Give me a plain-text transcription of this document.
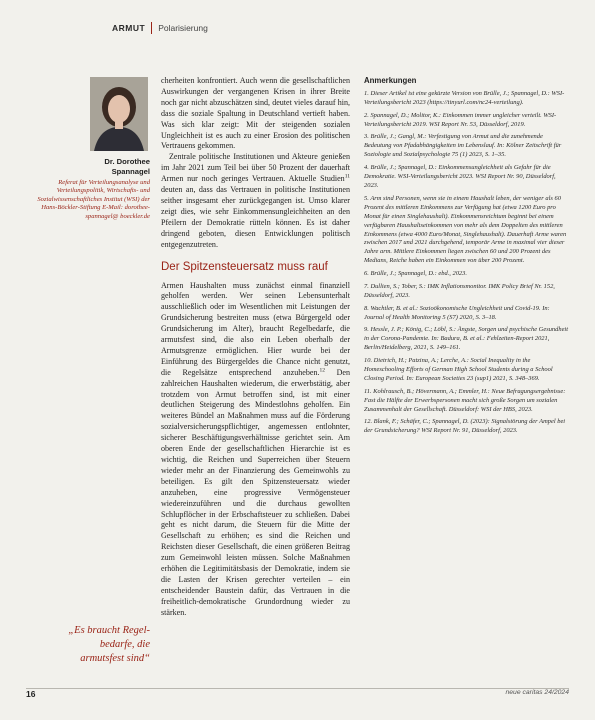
ARMUT Polarisierung
Dr. Dorothee
Spannagel
Referat für Verteilungsanalyse und Verteilungspolitik, Wirtschafts- und Sozialwissenschaftliches Institut (WSI) der Hans-Böckler-Stiftung E-Mail: dorothee-spannagel@ boeckler.de
„Es braucht Regelbedarfe, die armutsfest sind“

cherheiten konfrontiert. Auch wenn die gesellschaftlichen Auswirkungen der vergangenen Krisen in ihrer Breite noch gar nicht abzuschätzen sind, deutet vieles darauf hin, dass die soziale Spaltung in Deutschland vertieft haben. Was sich klar zeigt: Mit der steigenden sozialen Ungleichheit ist es auch zu einer Erosion des politischen Vertrauens gekommen.

Zentrale politische Institutionen und Akteure genießen im Jahr 2021 zum Teil bei über 50 Prozent der dauerhaft Armen nur noch geringes Vertrauen. Aktuelle Studien$^{11}$ deuten an, dass das Vertrauen in politische Institutionen seither insgesamt eher zurückgegangen ist. Umso klarer zeigt dies, wie sehr Einkommensungleichheiten an den Pfeilern der Demokratie rütteln können. Es ist daher dringend geboten, diesen Entwicklungen politisch entgegenzutreten.

Der Spitzensteuersatz muss rauf

Armen Haushalten muss zunächst einmal finanziell geholfen werden. Wer seinen Lebensunterhalt ausschließlich oder im Wesentlichen mit Leistungen der Grundsicherung bestreiten muss (etwa Bürgergeld oder Grundsicherung im Alter), braucht Regelbedarfe, die armutsfest sind, die also ein Leben oberhalb der Armutsgrenze ermöglichen. Hier wurde bei der Einführung des Bürgergeldes die Chance nicht genutzt, die Regelsätze entsprechend anzuheben.$^{12}$ Den zahlreichen Haushalten wiederum, die erwerbstätig, aber trotzdem von Armut betroffen sind, ist mit einer deutlichen Steigerung des Mindestlohns geholfen. Ein weiteres Bündel an Maßnahmen muss auf die Förderung sozialversicherungspflichtiger, angemessen entlohnter, sicherer Beschäftigungsverhältnisse gerichtet sein. Am oberen Ende der gesellschaftlichen Hierarchie ist es wichtig, die Reichen und Superreichen über Steuern wieder mehr an der Finanzierung des Gemeinwohls zu beteiligen. Es gilt den Spitzensteuersatz wieder anzuheben, eine progressive Vermögensteuer wiedereinzuführen und die durchaus gewollten Schlupflöcher in der Erbschaftsteuer zu schließen. Dabei geht es nicht darum, die Steuern für die Mitte der Gesellschaft zu erhöhen; es sind die Reichen und Reichsten dieser Gesellschaft, die einen größeren Beitrag zum Gemeinwohl leisten müssen. Solche Maßnahmen erhöhen die Legitimitätsbasis der Demokratie, indem sie die Lasten der Krisen gerechter verteilen – ein entscheidender Baustein dafür, das Vertrauen in die freiheitlich-demokratische Grundordnung wieder zu stärken.

Anmerkungen
1. Dieser Artikel ist eine gekürzte Version von Brülle, J.; Spannagel, D.: WSI-Verteilungsbericht 2023 (https://tinyurl.com/nc24-verteilung).
2. Spannagel, D.; Molitor, K.: Einkommen immer ungleicher verteilt. WSI-Verteilungsbericht 2019. WSI Report Nr. 53, Düsseldorf, 2019.
3. Brülle, J.; Gangl, M.: Verfestigung von Armut und die zunehmende Bedeutung von Pfadabhängigkeiten im Lebenslauf. In: Kölner Zeitschrift für Soziologie und Sozialpsychologie 75 (1) 2023, S. 1–35.
4. Brülle, J.; Spannagel, D.: Einkommensungleichheit als Gefahr für die Demokratie. WSI-Verteilungsbericht 2023. WSI Report Nr. 90, Düsseldorf, 2023.
5. Arm sind Personen, wenn sie in einem Haushalt leben, der weniger als 60 Prozent des mittleren Einkommens zur Verfügung hat (etwa 1200 Euro pro Monat für einen Singlehaushalt). Einkommensreichtum beginnt bei einem verfügbaren Haushaltseinkommen von mehr als dem Doppelten des mittleren Einkommens (etwa 4000 Euro/Monat, Singlehaushalt). Dauerhaft Arme waren zwischen 2017 und 2021 durchgehend, temporär Arme in maximal vier dieser Jahre arm. Mittlere Einkommen liegen zwischen 60 und 200 Prozent des Medians, Reiche haben ein Einkommen von über 200 Prozent.
6. Brülle, J.; Spannagel, D.: ebd., 2023.
7. Dullien, S.; Tober, S.: IMK Inflationsmonitor. IMK Policy Brief Nr. 152, Düsseldorf, 2023.
8. Wachtler, B. et al.: Sozioökonomische Ungleichheit und Covid-19. In: Journal of Health Monitoring 5 (S7) 2020, S. 3–18.
9. Hessle, J. P.; König, C.; Löbl, S.: Ängste, Sorgen und psychische Gesundheit in der Corona-Pandemie. In: Badura, B. et al.: Fehlzeiten-Report 2021, Berlin/Heidelberg, 2021, S. 149–161.
10. Dietrich, H.; Patzina, A.; Lerche, A.: Social Inequality in the Homeschooling Efforts of German High School Students during a School Closing Period. In: European Societies 23 (sup1) 2021, S. 348–369.
11. Kohlrausch, B.; Hövermann, A.; Emmler, H.: Neue Befragungsergebnisse: Fast die Hälfte der Erwerbspersonen macht sich große Sorgen um sozialen Zusammenhalt der Gesellschaft. Düsseldorf: WSI der HBS, 2023.
12. Blank, F.; Schäfer, C.; Spannagel, D. (2023): Signalstörung der Ampel bei der Grundsicherung? WSI Report Nr. 91, Düsseldorf, 2023.
16	neue caritas 24/2024
